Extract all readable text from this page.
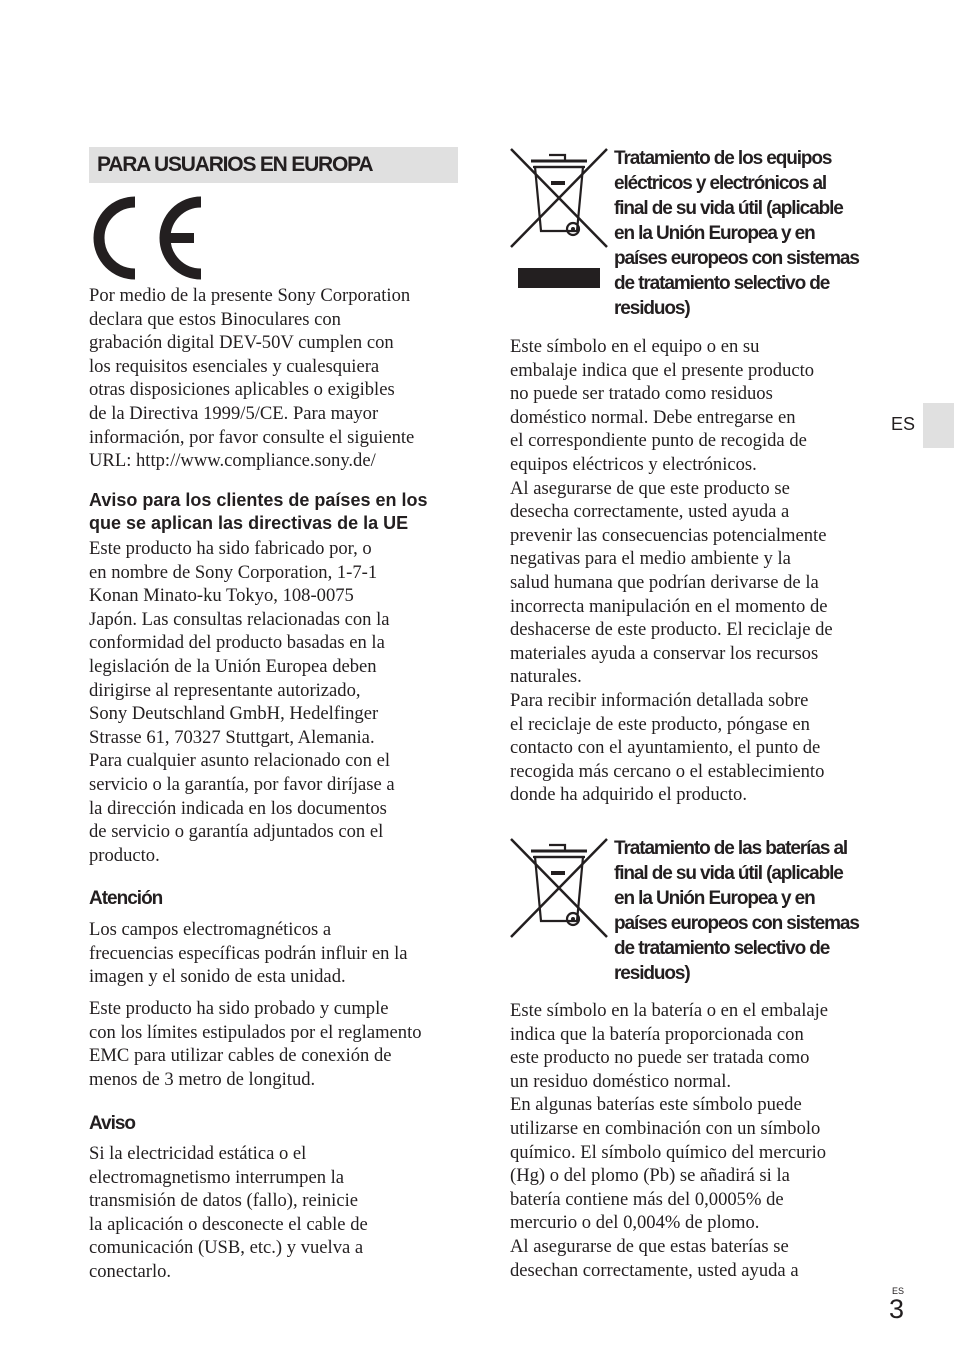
PARA USUARIOS EN EUROPA
Por medio de la presente Sony Corporation
declara que estos Binoculares con
grabación digital DEV-50V cumplen con
los requisitos esenciales y cualesquiera
otras disposiciones aplicables o exigibles
de la Directiva 1999/5/CE. Para mayor
información, por favor consulte el siguiente
URL: http://www.compliance.sony.de/
Aviso para los clientes de países en los
que se aplican las directivas de la UE
Este producto ha sido fabricado por, o
en nombre de Sony Corporation, 1-7-1
Konan Minato-ku Tokyo, 108-0075
Japón. Las consultas relacionadas con la
conformidad del producto basadas en la
legislación de la Unión Europea deben
dirigirse al representante autorizado,
Sony Deutschland GmbH, Hedelfinger
Strasse 61, 70327 Stuttgart, Alemania.
Para cualquier asunto relacionado con el
servicio o la garantía, por favor diríjase a
la dirección indicada en los documentos
de servicio o garantía adjuntados con el
producto.
Atención
Los campos electromagnéticos a
frecuencias específicas podrán influir en la
imagen y el sonido de esta unidad.
Este producto ha sido probado y cumple
con los límites estipulados por el reglamento
EMC para utilizar cables de conexión de
menos de 3 metro de longitud.
Aviso
Si la electricidad estática o el
electromagnetismo interrumpen la
transmisión de datos (fallo), reinicie
la aplicación o desconecte el cable de
comunicación (USB, etc.) y vuelva a
conectarlo.
Tratamiento de los equipos
eléctricos y electrónicos al
final de su vida útil (aplicable
en la Unión Europea y en
países europeos con sistemas
de tratamiento selectivo de
residuos)
Este símbolo en el equipo o en su
embalaje indica que el presente producto
no puede ser tratado como residuos
doméstico normal. Debe entregarse en
el correspondiente punto de recogida de
equipos eléctricos y electrónicos.
Al asegurarse de que este producto se
desecha correctamente, usted ayuda a
prevenir las consecuencias potencialmente
negativas para el medio ambiente y la
salud humana que podrían derivarse de la
incorrecta manipulación en el momento de
deshacerse de este producto. El reciclaje de
materiales ayuda a conservar los recursos
naturales.
Para recibir información detallada sobre
el reciclaje de este producto, póngase en
contacto con el ayuntamiento, el punto de
recogida más cercano o el establecimiento
donde ha adquirido el producto.
Tratamiento de las baterías al
final de su vida útil (aplicable
en la Unión Europea y en
países europeos con sistemas
de tratamiento selectivo de
residuos)
Este símbolo en la batería o en el embalaje
indica que la batería proporcionada con
este producto no puede ser tratada como
un residuo doméstico normal.
En algunas baterías este símbolo puede
utilizarse en combinación con un símbolo
químico. El símbolo químico del mercurio
(Hg) o del plomo (Pb) se añadirá si la
batería contiene más del 0,0005% de
mercurio o del 0,004% de plomo.
Al asegurarse de que estas baterías se
desechan correctamente, usted ayuda a
ES
ES
3
